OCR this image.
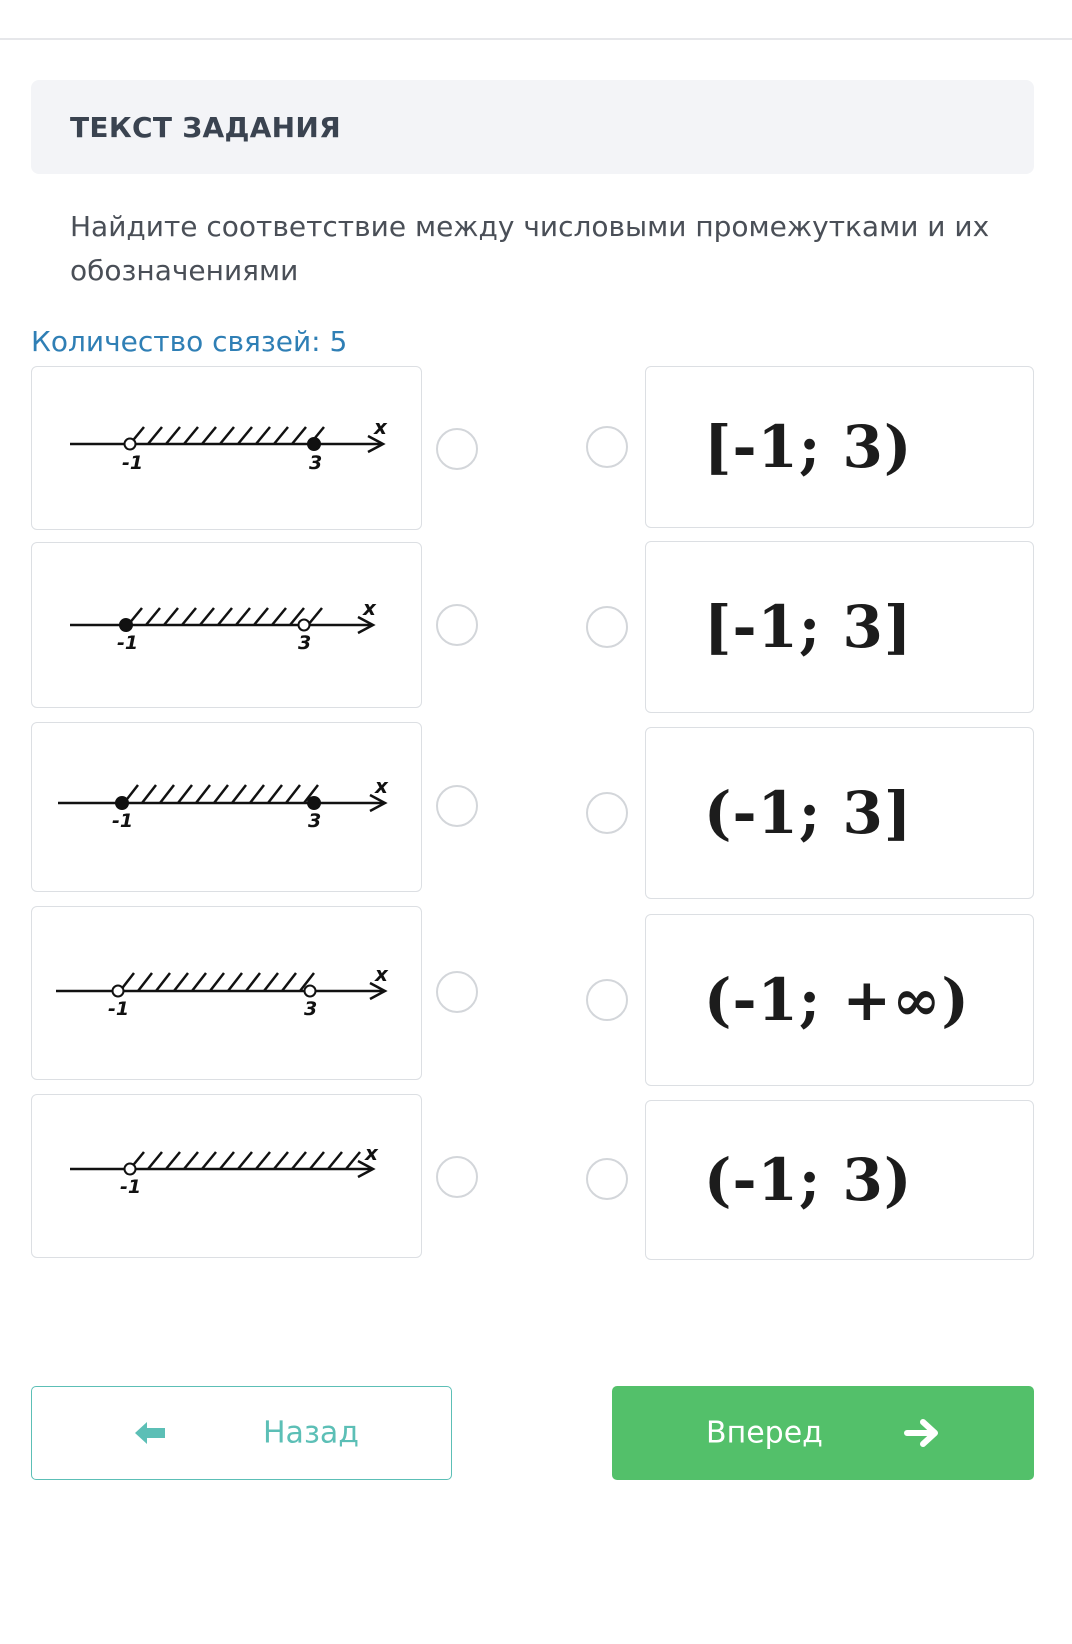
ТЕКСТ ЗАДАНИЯ
Найдите соответствие между числовыми промежутками и их обозначениями
Количество связей: 5
-1	3
x
-1	3
x
-1	3
x
-1	3
x
-1
x
[-1; 3)
[-1; 3]
(-1; 3]
(-1; +∞)
(-1; 3)
Назад	Вперед
